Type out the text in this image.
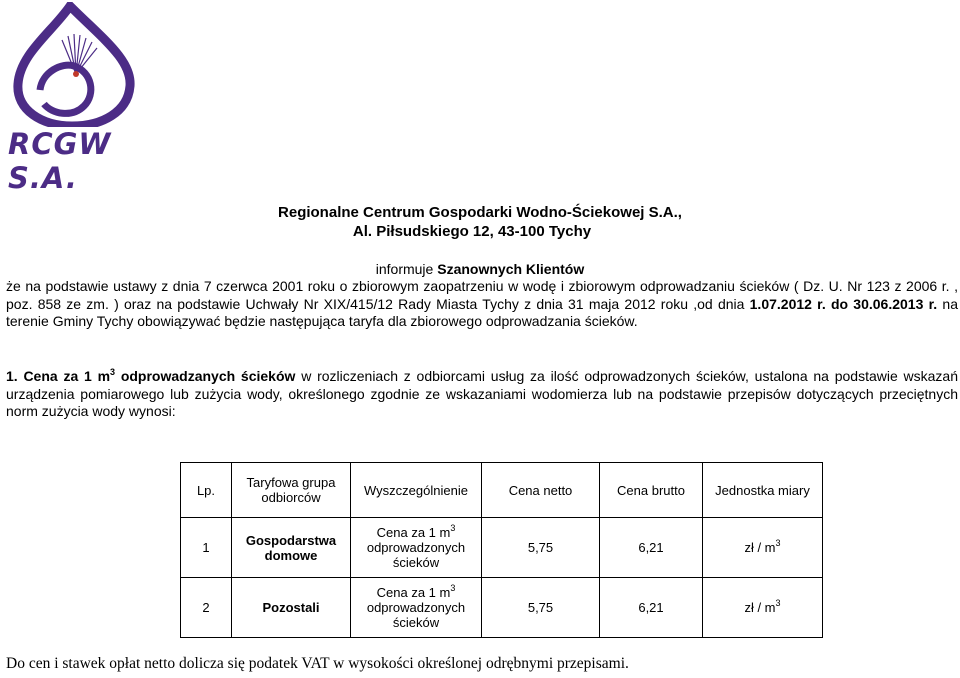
RCGW S.A.
Regionalne Centrum Gospodarki Wodno-Ściekowej S.A.,
Al. Piłsudskiego 12, 43-100 Tychy
informuje Szanownych Klientów
że na podstawie ustawy z dnia 7 czerwca 2001 roku o zbiorowym zaopatrzeniu w wodę i zbiorowym odprowadzaniu ścieków ( Dz. U. Nr 123 z 2006 r. , poz. 858 ze zm. ) oraz na podstawie Uchwały Nr XIX/415/12 Rady Miasta Tychy z dnia 31 maja 2012 roku ,od dnia 1.07.2012 r. do 30.06.2013 r. na terenie Gminy Tychy obowiązywać będzie następująca taryfa dla zbiorowego odprowadzania ścieków.
1. Cena za 1 $m^3$ odprowadzanych ścieków w rozliczeniach z odbiorcami usług za ilość odprowadzonych ścieków, ustalona na podstawie wskazań urządzenia pomiarowego lub zużycia wody, określonego zgodnie ze wskazaniami wodomierza lub na podstawie przepisów dotyczących przeciętnych norm zużycia wody wynosi:
Lp.	Taryfowa grupa odbiorców	Wyszczególnienie	Cena netto	Cena brutto	Jednostka miary
1	Gospodarstwa domowe	Cena za 1 $m^3$
odprowadzonych ścieków	5,75	6,21	zł / $m^3$
2	Pozostali	Cena za 1 $m^3$
odprowadzonych ścieków	5,75	6,21	zł / $m^3$
Do cen i stawek opłat netto dolicza się podatek VAT w wysokości określonej odrębnymi przepisami.
